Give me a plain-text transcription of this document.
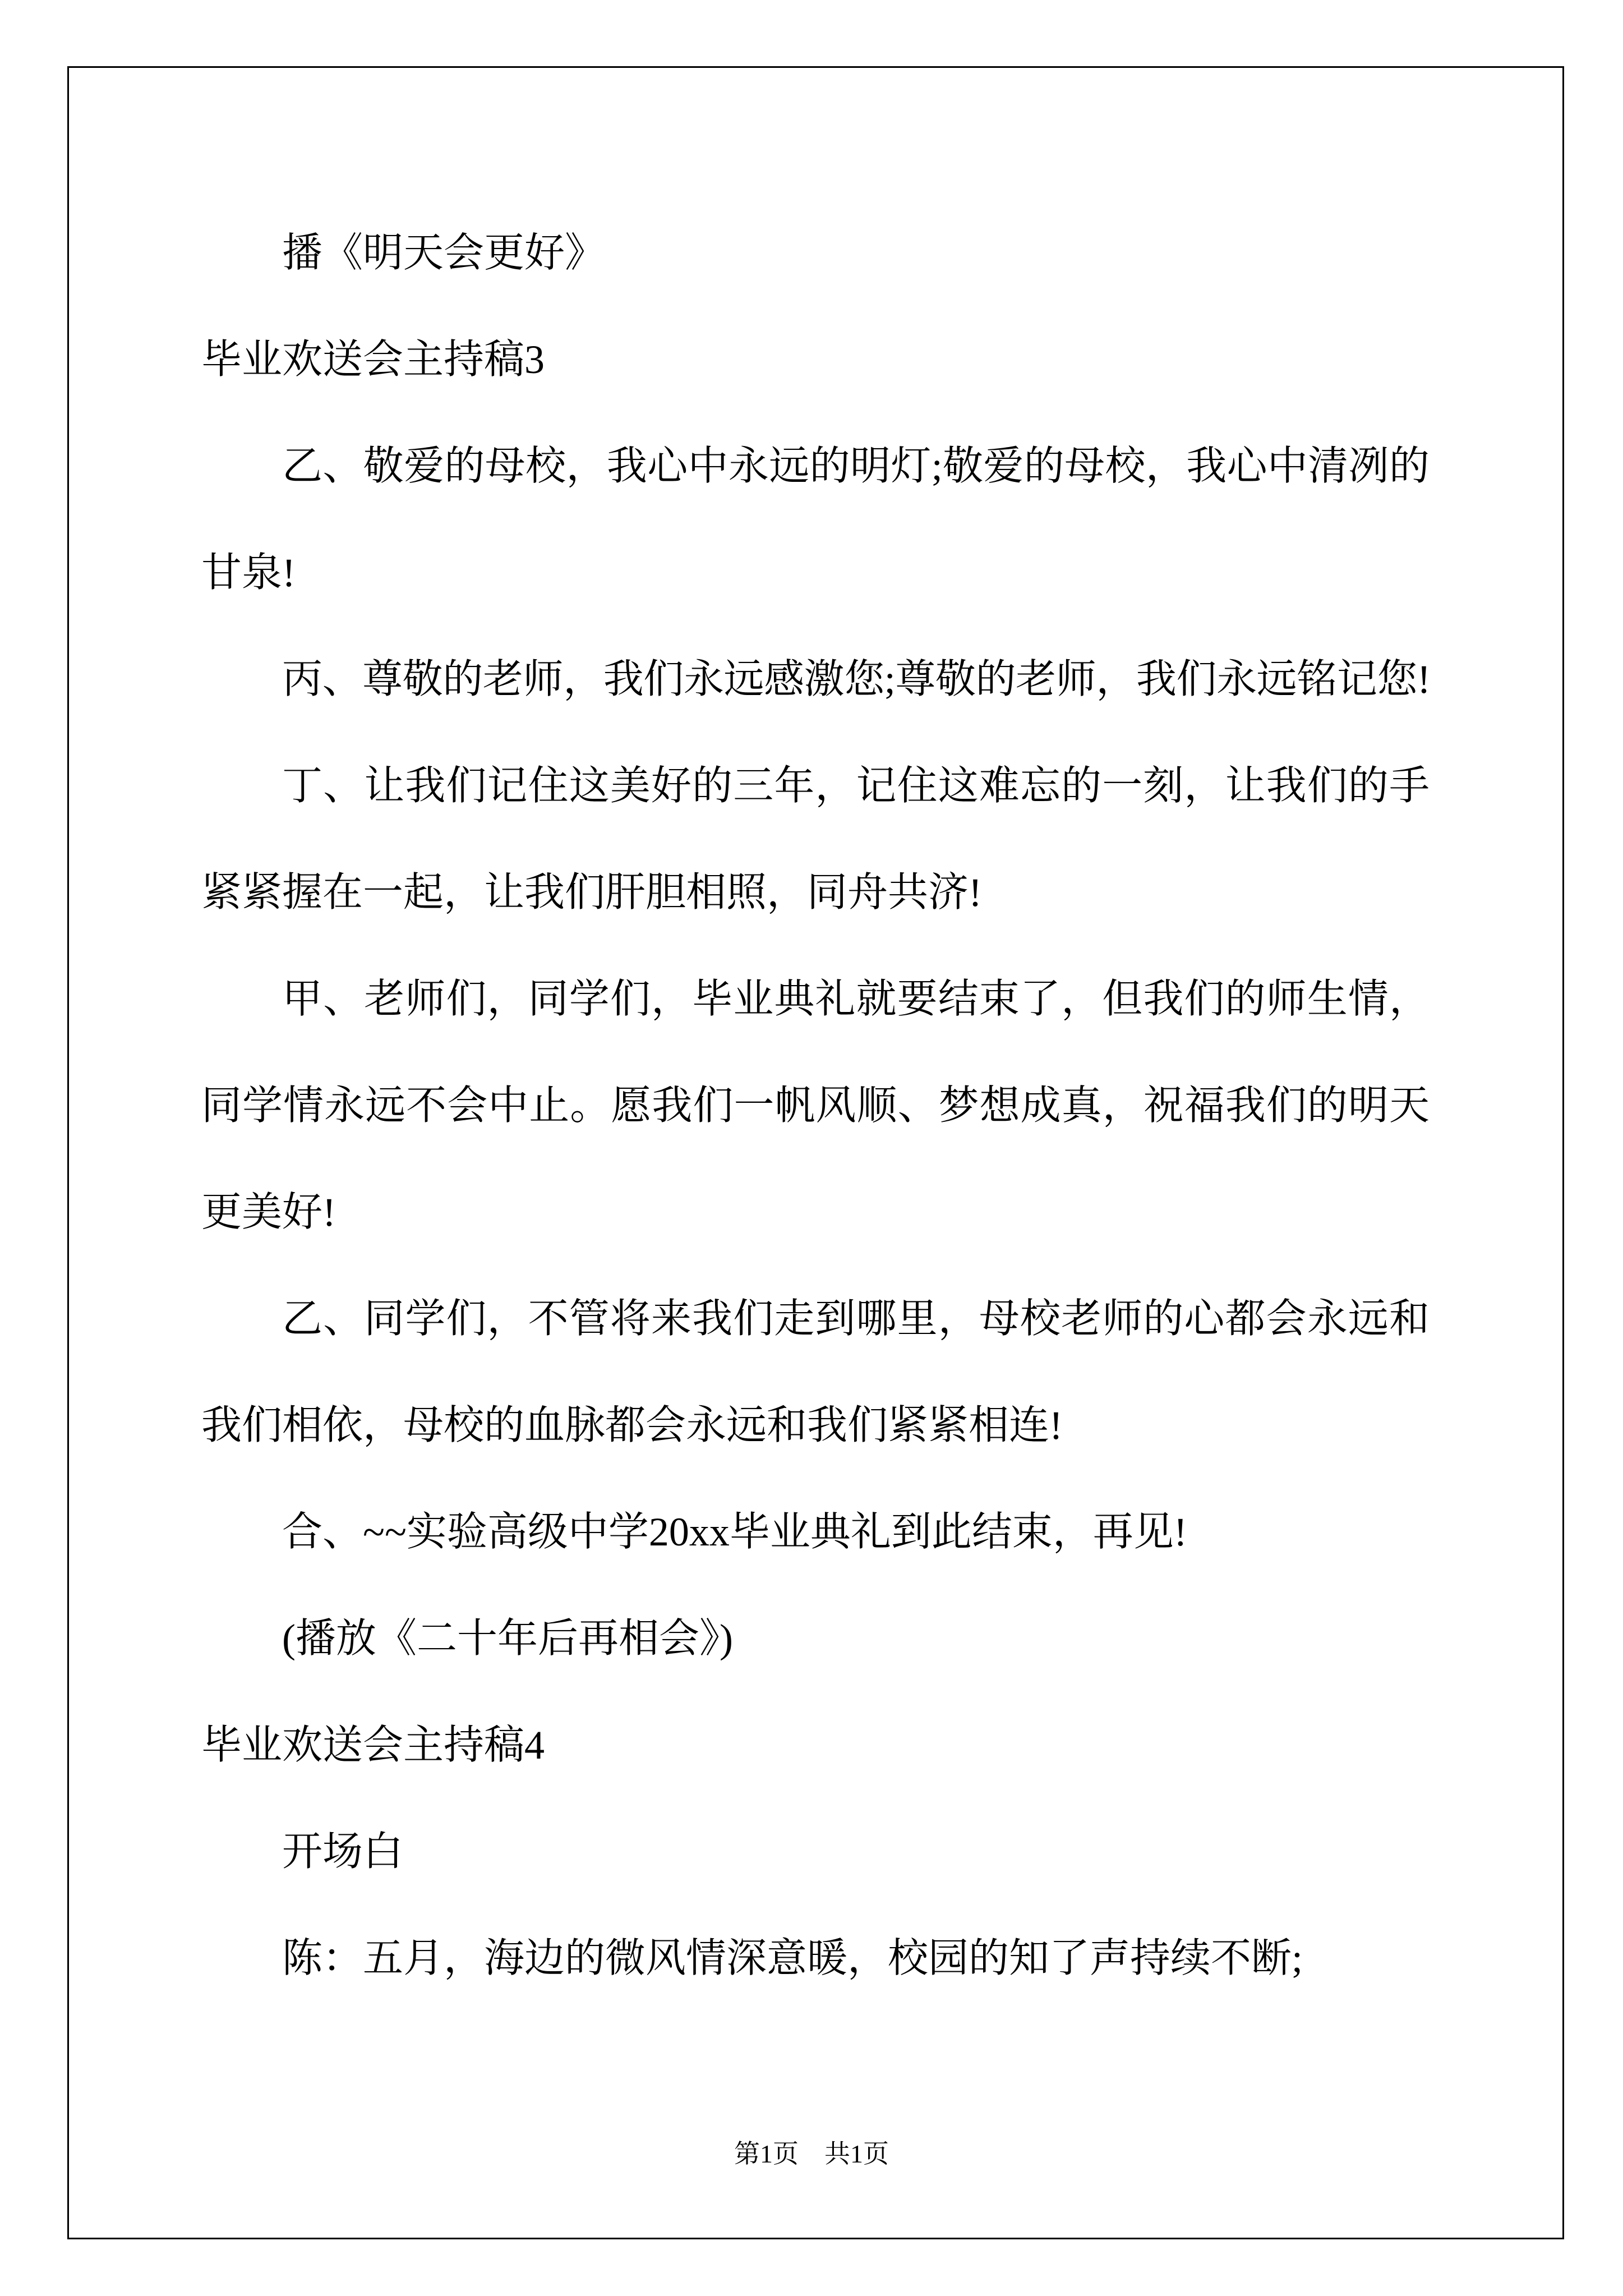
播《明天会更好》
毕业欢送会主持稿3
乙、敬爱的母校，我心中永远的明灯;敬爱的母校，我心中清冽的
甘泉!
丙、尊敬的老师，我们永远感激您;尊敬的老师，我们永远铭记您!
丁、让我们记住这美好的三年，记住这难忘的一刻，让我们的手
紧紧握在一起，让我们肝胆相照，同舟共济!
甲、老师们，同学们，毕业典礼就要结束了，但我们的师生情，
同学情永远不会中止。愿我们一帆风顺、梦想成真，祝福我们的明天
更美好!
乙、同学们，不管将来我们走到哪里，母校老师的心都会永远和
我们相依，母校的血脉都会永远和我们紧紧相连!
合、~~实验高级中学20xx毕业典礼到此结束，再见!
(播放《二十年后再相会》)
毕业欢送会主持稿4
开场白
陈：五月，海边的微风情深意暖，校园的知了声持续不断;
第1页　共1页
